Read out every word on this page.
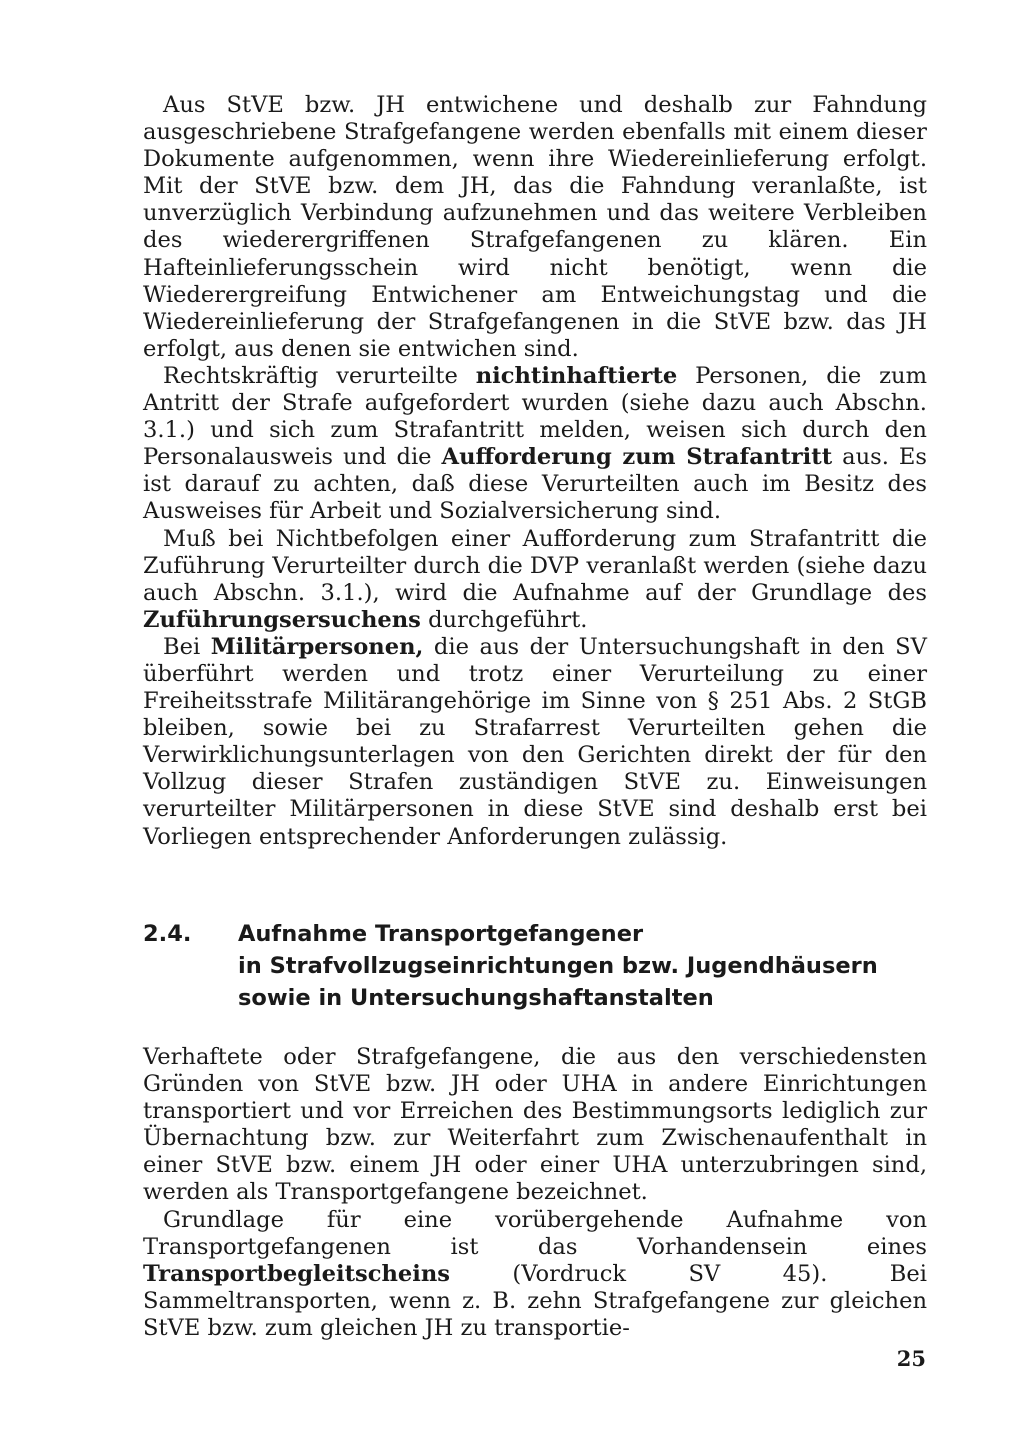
Aus StVE bzw. JH entwichene und deshalb zur Fahndung ausgeschriebene Strafgefangene werden ebenfalls mit einem dieser Dokumente aufgenommen, wenn ihre Wiedereinlieferung erfolgt. Mit der StVE bzw. dem JH, das die Fahndung veranlaßte, ist unverzüglich Verbindung aufzunehmen und das weitere Verbleiben des wiederergriffenen Strafgefangenen zu klären. Ein Hafteinlieferungsschein wird nicht benötigt, wenn die Wiederergreifung Entwichener am Entweichungstag und die Wiedereinlieferung der Strafgefangenen in die StVE bzw. das JH erfolgt, aus denen sie entwichen sind.

Rechtskräftig verurteilte nichtinhaftierte Personen, die zum Antritt der Strafe aufgefordert wurden (siehe dazu auch Abschn. 3.1.) und sich zum Strafantritt melden, weisen sich durch den Personalausweis und die Aufforderung zum Strafantritt aus. Es ist darauf zu achten, daß diese Verurteilten auch im Besitz des Ausweises für Arbeit und Sozialversicherung sind.

Muß bei Nichtbefolgen einer Aufforderung zum Strafantritt die Zuführung Verurteilter durch die DVP veranlaßt werden (siehe dazu auch Abschn. 3.1.), wird die Aufnahme auf der Grundlage des Zuführungsersuchens durchgeführt.

Bei Militärpersonen, die aus der Untersuchungshaft in den SV überführt werden und trotz einer Verurteilung zu einer Freiheitsstrafe Militärangehörige im Sinne von § 251 Abs. 2 StGB bleiben, sowie bei zu Strafarrest Verurteilten gehen die Verwirklichungsunterlagen von den Gerichten direkt der für den Vollzug dieser Strafen zuständigen StVE zu. Einweisungen verurteilter Militärpersonen in diese StVE sind deshalb erst bei Vorliegen entsprechender Anforderungen zulässig.

2.4.	Aufnahme Transportgefangener
in Strafvollzugseinrichtungen bzw. Jugendhäusern
sowie in Untersuchungshaftanstalten

Verhaftete oder Strafgefangene, die aus den verschiedensten Gründen von StVE bzw. JH oder UHA in andere Einrichtungen transportiert und vor Erreichen des Bestimmungsorts lediglich zur Übernachtung bzw. zur Weiterfahrt zum Zwischenaufenthalt in einer StVE bzw. einem JH oder einer UHA unterzubringen sind, werden als Transportgefangene bezeichnet.

Grundlage für eine vorübergehende Aufnahme von Transportgefangenen ist das Vorhandensein eines Transportbegleitscheins (Vordruck SV 45). Bei Sammeltransporten, wenn z. B. zehn Strafgefangene zur gleichen StVE bzw. zum gleichen JH zu transportie-

25
